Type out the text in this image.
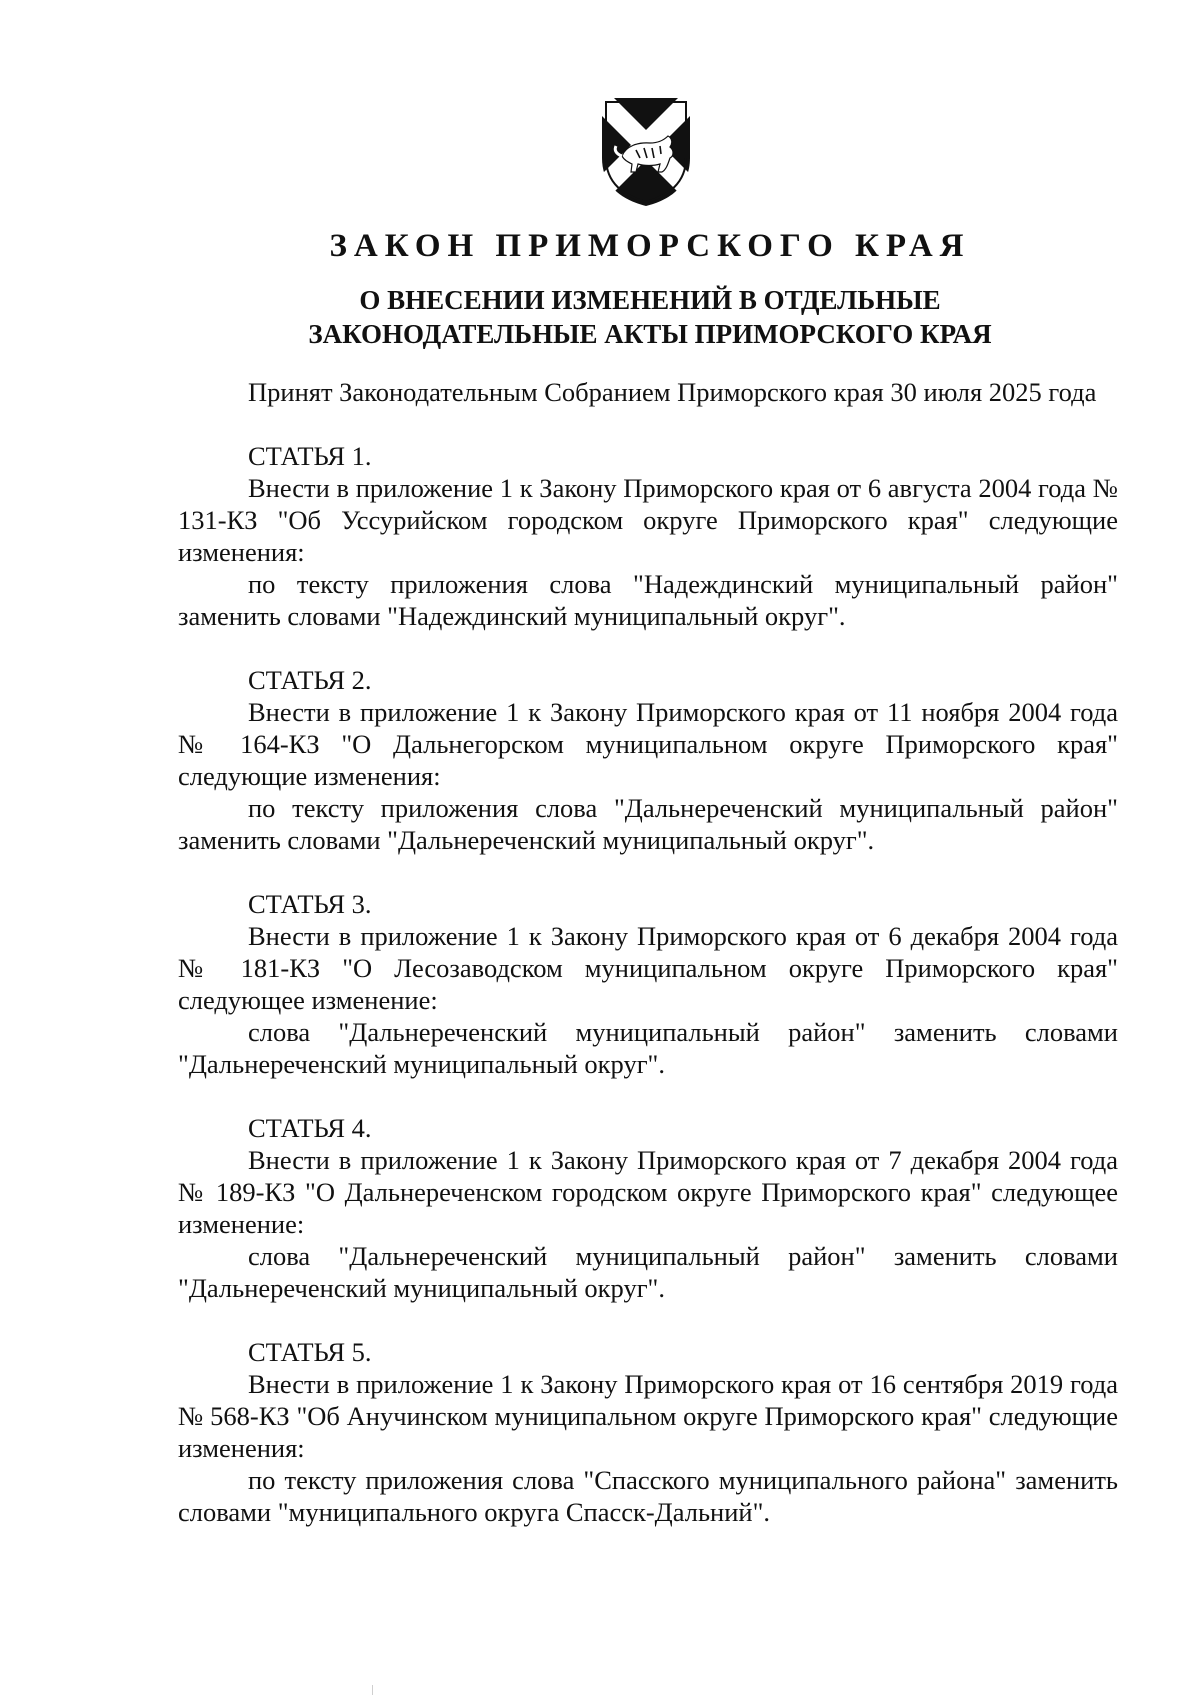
ЗАКОН ПРИМОРСКОГО КРАЯ
О ВНЕСЕНИИ ИЗМЕНЕНИЙ В ОТДЕЛЬНЫЕ
ЗАКОНОДАТЕЛЬНЫЕ АКТЫ ПРИМОРСКОГО КРАЯ

Принят Законодательным Собранием Приморского края 30 июля 2025 года

СТАТЬЯ 1.

Внести в приложение 1 к Закону Приморского края от 6 августа 2004 года № 131-КЗ "Об Уссурийском городском округе Приморского края" следующие изменения:

по тексту приложения слова "Надеждинский муниципальный район" заменить словами "Надеждинский муниципальный округ".

СТАТЬЯ 2.

Внести в приложение 1 к Закону Приморского края от 11 ноября 2004 года № 164-КЗ "О Дальнегорском муниципальном округе Приморского края" следующие изменения:

по тексту приложения слова "Дальнереченский муниципальный район" заменить словами "Дальнереченский муниципальный округ".

СТАТЬЯ 3.

Внести в приложение 1 к Закону Приморского края от 6 декабря 2004 года № 181-КЗ "О Лесозаводском муниципальном округе Приморского края" следующее изменение:

слова "Дальнереченский муниципальный район" заменить словами "Дальнереченский муниципальный округ".

СТАТЬЯ 4.

Внести в приложение 1 к Закону Приморского края от 7 декабря 2004 года № 189-КЗ "О Дальнереченском городском округе Приморского края" следующее изменение:

слова "Дальнереченский муниципальный район" заменить словами "Дальнереченский муниципальный округ".

СТАТЬЯ 5.

Внести в приложение 1 к Закону Приморского края от 16 сентября 2019 года № 568-КЗ "Об Анучинском муниципальном округе Приморского края" следующие изменения:

по тексту приложения слова "Спасского муниципального района" заменить словами "муниципального округа Спасск-Дальний".
